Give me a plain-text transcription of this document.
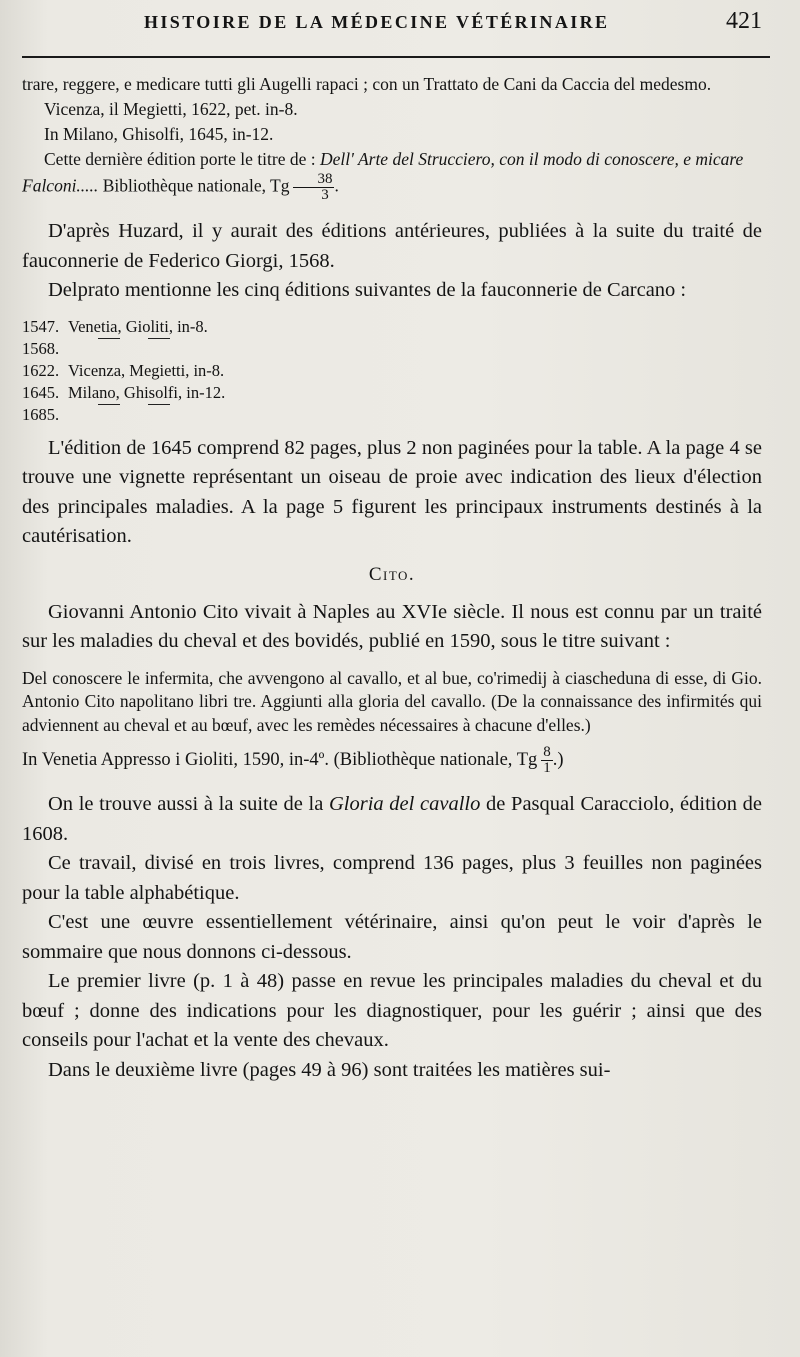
HISTOIRE DE LA MÉDECINE VÉTÉRINAIRE	421
trare, reggere, e medicare tutti gli Augelli rapaci ; con un Trattato de Cani da Caccia del medesmo.
Vicenza, il Megietti, 1622, pet. in-8.
In Milano, Ghisolfi, 1645, in-12.
Cette dernière édition porte le titre de : Dell' Arte del Strucciero, con il modo di conoscere, e micare Falconi..... Bibliothèque nationale, Tg $\frac{38}{3}$ .

D'après Huzard, il y aurait des éditions antérieures, publiées à la suite du traité de fauconnerie de Federico Giorgi, 1568.

Delprato mentionne les cinq éditions suivantes de la fauconnerie de Carcano :

1547. Venetia, Gioliti, in-8.
1568.
1622. Vicenza, Megietti, in-8.
1645. Milano, Ghisolfi, in-12.
1685.

L'édition de 1645 comprend 82 pages, plus 2 non paginées pour la table. A la page 4 se trouve une vignette représentant un oiseau de proie avec indication des lieux d'élection des principales maladies. A la page 5 figurent les principaux instruments destinés à la cautérisation.

Cito.

Giovanni Antonio Cito vivait à Naples au XVIe siècle. Il nous est connu par un traité sur les maladies du cheval et des bovidés, publié en 1590, sous le titre suivant :

Del conoscere le infermita, che avvengono al cavallo, et al bue, co'rimedij à ciascheduna di esse, di Gio. Antonio Cito napolitano libri tre. Aggiunti alla gloria del cavallo. (De la connaissance des infirmités qui adviennent au cheval et au bœuf, avec les remèdes nécessaires à chacune d'elles.)

In Venetia Appresso i Gioliti, 1590, in-4º. (Bibliothèque nationale, Tg $\frac{8}{1}$ .)

On le trouve aussi à la suite de la Gloria del cavallo de Pasqual Caracciolo, édition de 1608.

Ce travail, divisé en trois livres, comprend 136 pages, plus 3 feuilles non paginées pour la table alphabétique.

C'est une œuvre essentiellement vétérinaire, ainsi qu'on peut le voir d'après le sommaire que nous donnons ci-dessous.

Le premier livre (p. 1 à 48) passe en revue les principales maladies du cheval et du bœuf ; donne des indications pour les diagnostiquer, pour les guérir ; ainsi que des conseils pour l'achat et la vente des chevaux.

Dans le deuxième livre (pages 49 à 96) sont traitées les matières sui-
